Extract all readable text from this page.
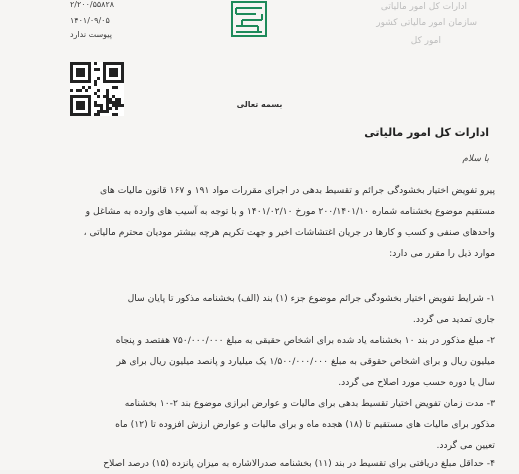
۲/۲۰۰/۵۵۸۲۸
۱۴۰۱/۰۹/۰۵
پیوست ندارد
ادارات کل امور مالیاتی
سازمان امور مالیاتی کشور
امور کل
بسمه تعالی
ادارات کل امور مالیاتی
با سلام
پیرو تفویض اختیار بخشودگی جرائم و تقسیط بدهی در اجرای مقررات مواد ۱۹۱ و ۱۶۷ قانون مالیات های
مستقیم موضوع بخشنامه شماره ۲۰۰/۱۴۰۱/۱۰ مورخ ۱۴۰۱/۰۲/۱۰ و با توجه به آسیب های وارده به مشاغل و
واحدهای صنفی و کسب و کارها در جریان اغتشاشات اخیر و جهت تکریم هرچه بیشتر مودیان محترم مالیاتی ،
موارد ذیل را مقرر می دارد:
۱- شرایط تفویض اختیار بخشودگی جرائم موضوع جزء (۱) بند (الف) بخشنامه مذکور تا پایان سال
جاری تمدید می گردد.
۲- مبلغ مذکور در بند ۱۰ بخشنامه یاد شده برای اشخاص حقیقی به مبلغ ۷۵۰/۰۰۰/۰۰۰ هفتصد و پنجاه
میلیون ریال و برای اشخاص حقوقی به مبلغ ۱/۵۰۰/۰۰۰/۰۰۰ یک میلیارد و پانصد میلیون ریال برای هر
سال یا دوره حسب مورد اصلاح می گردد.
۳- مدت زمان تفویض اختیار تقسیط بدهی برای مالیات و عوارض ابرازی موضوع بند ۲-۱۰ بخشنامه
مذکور برای مالیات های مستقیم تا (۱۸) هجده ماه و برای مالیات و عوارض ارزش افزوده تا (۱۲) ماه
تعیین می گردد.
۴- حداقل مبلغ دریافتی برای تقسیط در بند (۱۱) بخشنامه صدرالاشاره به میزان پانزده (۱۵) درصد اصلاح
